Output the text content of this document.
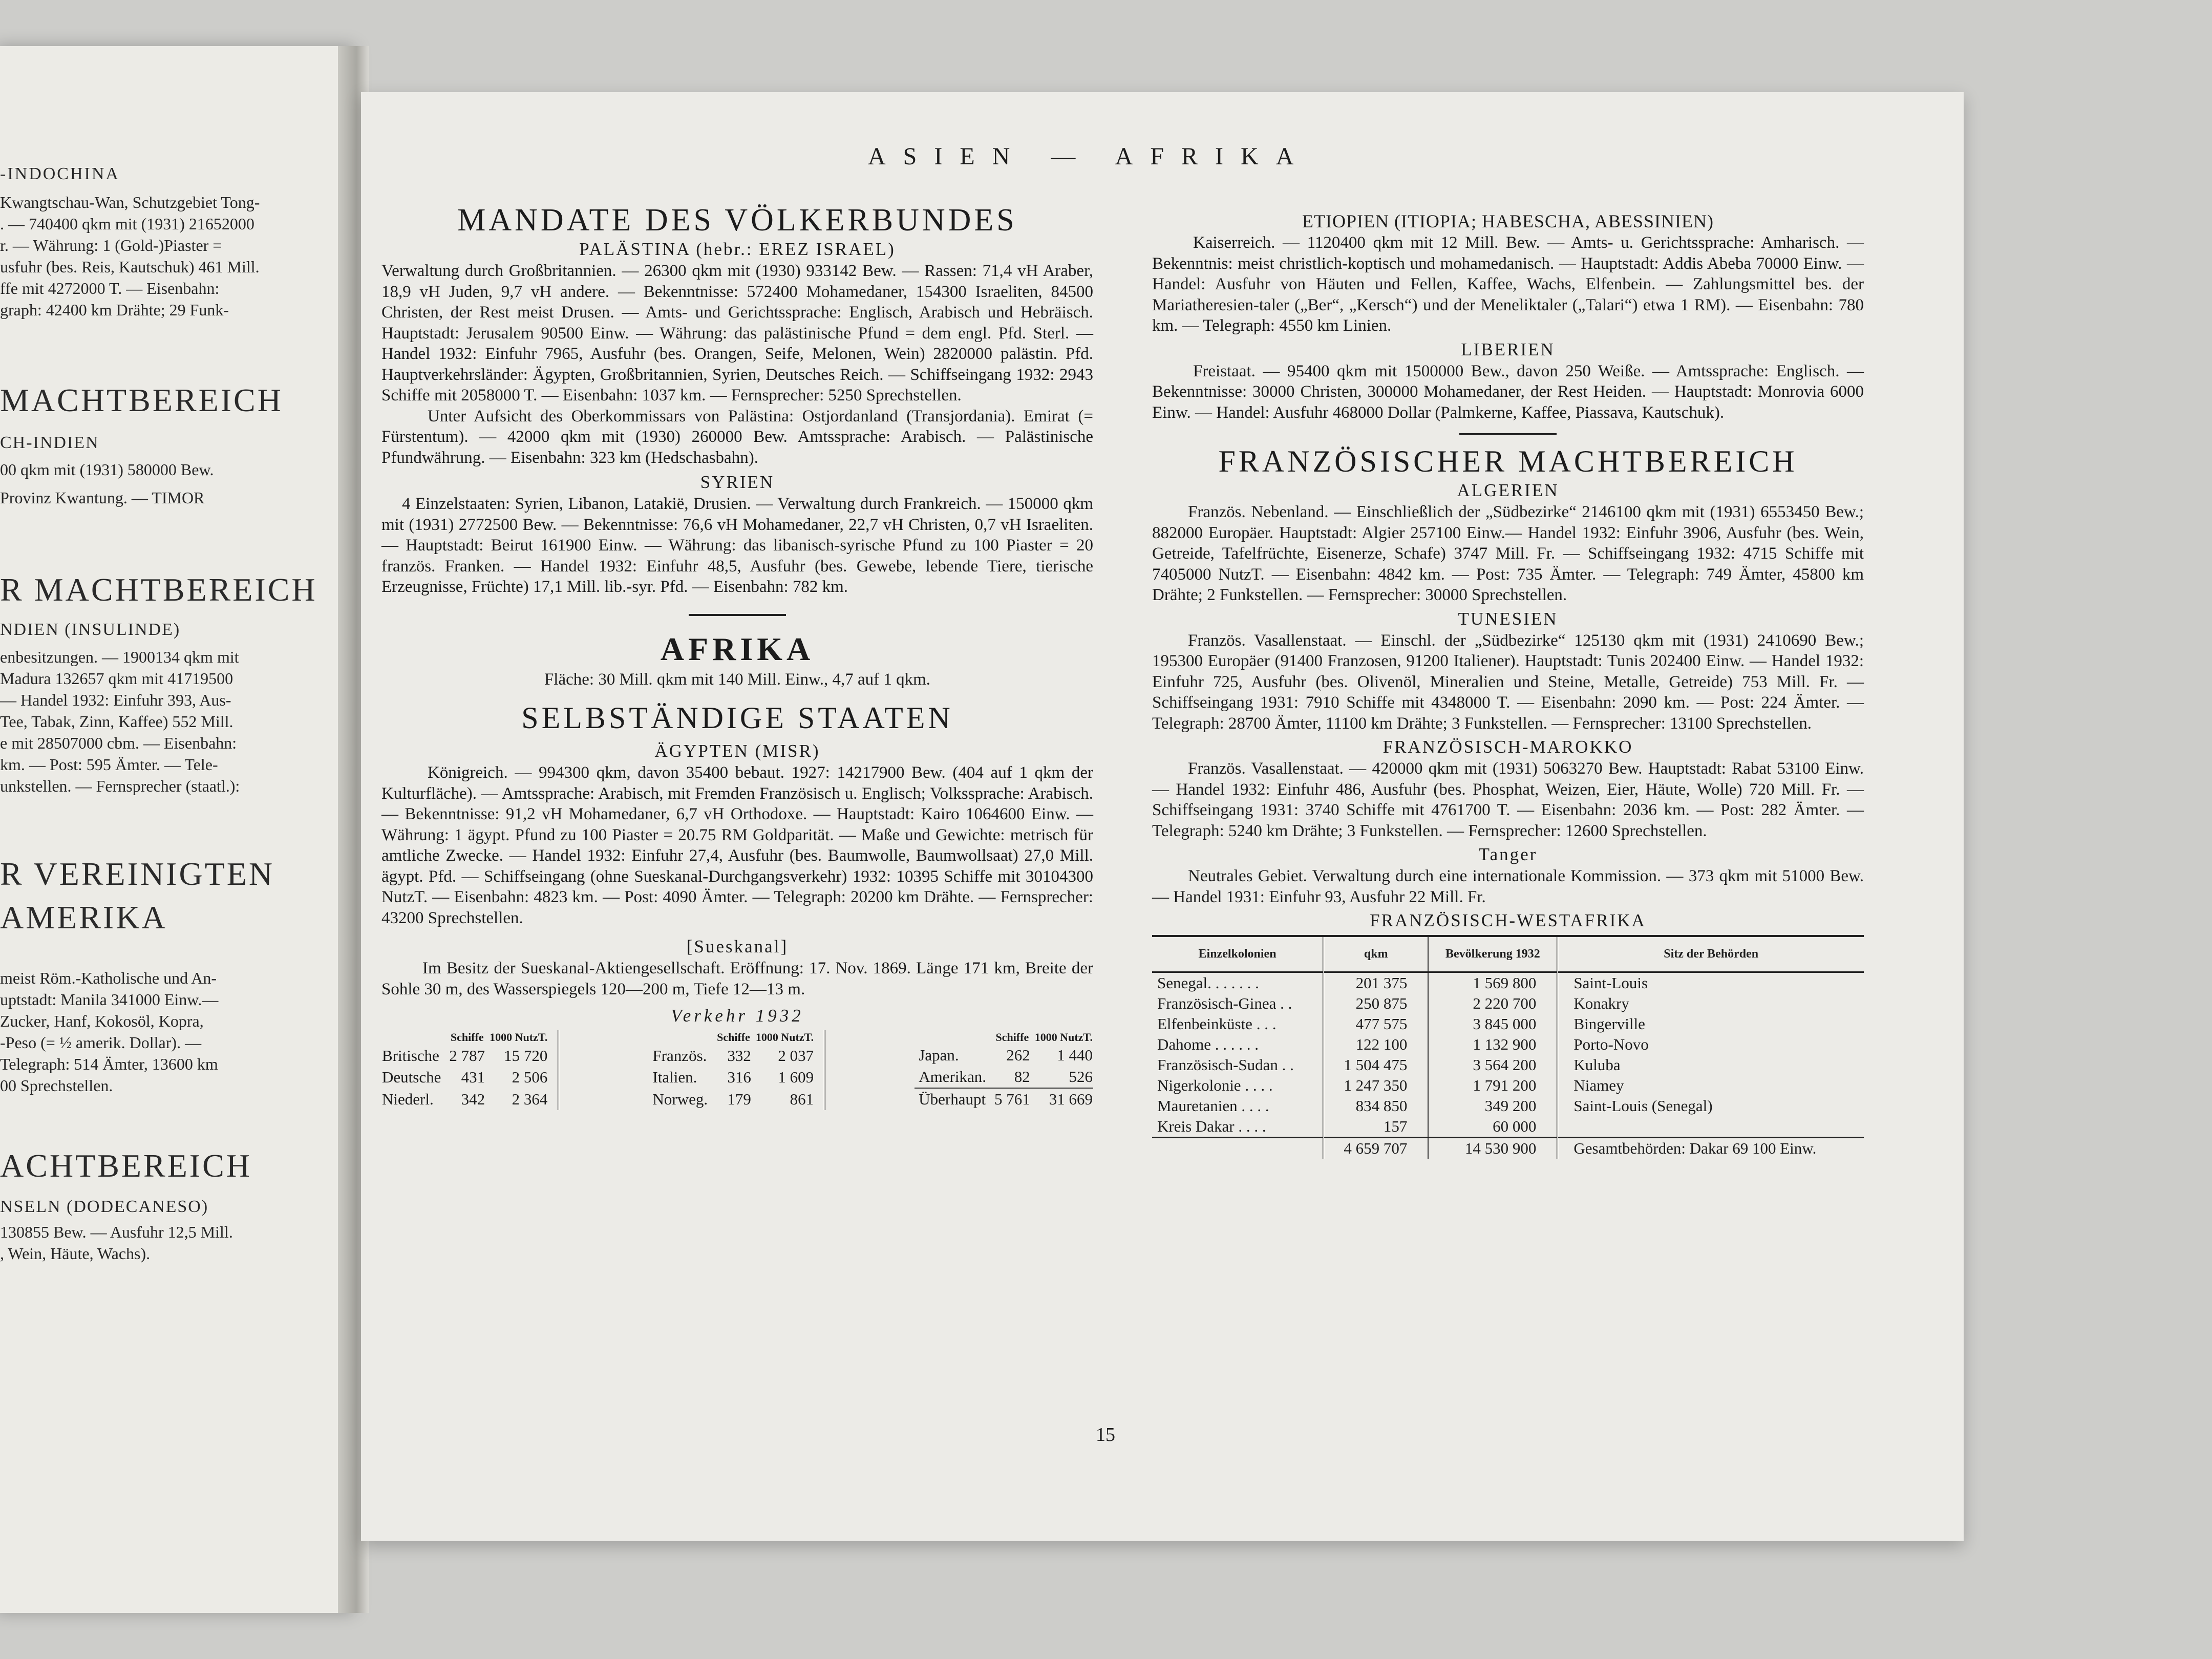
-INDOCHINA
Kwangtschau-Wan, Schutzgebiet Tong-
. — 740400 qkm mit (1931) 21652000
r. — Währung: 1 (Gold-)Piaster =
usfuhr (bes. Reis, Kautschuk) 461 Mill.
ffe mit 4272000 T. — Eisenbahn:
graph: 42400 km Drähte; 29 Funk-
MACHTBEREICH
CH-INDIEN
00 qkm mit (1931) 580000 Bew.
Provinz Kwantung. — TIMOR
R MACHTBEREICH
NDIEN (INSULINDE)
enbesitzungen. — 1900134 qkm mit
Madura 132657 qkm mit 41719500
— Handel 1932: Einfuhr 393, Aus-
Tee, Tabak, Zinn, Kaffee) 552 Mill.
e mit 28507000 cbm. — Eisenbahn:
km. — Post: 595 Ämter. — Tele-
unkstellen. — Fernsprecher (staatl.):
R VEREINIGTEN
AMERIKA
meist Röm.-Katholische und An-
uptstadt: Manila 341000 Einw.—
Zucker, Hanf, Kokosöl, Kopra,
-Peso (= ½ amerik. Dollar). —
Telegraph: 514 Ämter, 13600 km
00 Sprechstellen.
ACHTBEREICH
NSELN (DODECANESO)
130855 Bew. — Ausfuhr 12,5 Mill.
, Wein, Häute, Wachs).
ASIEN — AFRIKA
MANDATE DES VÖLKERBUNDES
PALÄSTINA (hebr.: EREZ ISRAEL)
Verwaltung durch Großbritannien. — 26300 qkm mit (1930) 933142 Bew. — Rassen: 71,4 vH Araber, 18,9 vH Juden, 9,7 vH andere. — Bekenntnisse: 572400 Mohamedaner, 154300 Israeliten, 84500 Christen, der Rest meist Drusen. — Amts- und Gerichtssprache: Englisch, Arabisch und Hebräisch. Hauptstadt: Jerusalem 90500 Einw. — Währung: das palästinische Pfund = dem engl. Pfd. Sterl. — Handel 1932: Einfuhr 7965, Ausfuhr (bes. Orangen, Seife, Melonen, Wein) 2820000 palästin. Pfd. Hauptverkehrsländer: Ägypten, Großbritannien, Syrien, Deutsches Reich. — Schiffseingang 1932: 2943 Schiffe mit 2058000 T. — Eisenbahn: 1037 km. — Fernsprecher: 5250 Sprechstellen.
Unter Aufsicht des Oberkommissars von Palästina: Ostjordanland (Transjordania). Emirat (= Fürstentum). — 42000 qkm mit (1930) 260000 Bew. Amtssprache: Arabisch. — Palästinische Pfundwährung. — Eisenbahn: 323 km (Hedschasbahn).
SYRIEN
4 Einzelstaaten: Syrien, Libanon, Latakië, Drusien. — Verwaltung durch Frankreich. — 150000 qkm mit (1931) 2772500 Bew. — Bekenntnisse: 76,6 vH Mohamedaner, 22,7 vH Christen, 0,7 vH Israeliten. — Hauptstadt: Beirut 161900 Einw. — Währung: das libanisch-syrische Pfund zu 100 Piaster = 20 französ. Franken. — Handel 1932: Einfuhr 48,5, Ausfuhr (bes. Gewebe, lebende Tiere, tierische Erzeugnisse, Früchte) 17,1 Mill. lib.-syr. Pfd. — Eisenbahn: 782 km.
AFRIKA
Fläche: 30 Mill. qkm mit 140 Mill. Einw., 4,7 auf 1 qkm.
SELBSTÄNDIGE STAATEN
ÄGYPTEN (MISR)
Königreich. — 994300 qkm, davon 35400 bebaut. 1927: 14217900 Bew. (404 auf 1 qkm der Kulturfläche). — Amtssprache: Arabisch, mit Fremden Französisch u. Englisch; Volkssprache: Arabisch. — Bekenntnisse: 91,2 vH Mohamedaner, 6,7 vH Orthodoxe. — Hauptstadt: Kairo 1064600 Einw. — Währung: 1 ägypt. Pfund zu 100 Piaster = 20.75 RM Goldparität. — Maße und Gewichte: metrisch für amtliche Zwecke. — Handel 1932: Einfuhr 27,4, Ausfuhr (bes. Baumwolle, Baumwollsaat) 27,0 Mill. ägypt. Pfd. — Schiffseingang (ohne Sueskanal-Durchgangsverkehr) 1932: 10395 Schiffe mit 30104300 NutzT. — Eisenbahn: 4823 km. — Post: 4090 Ämter. — Telegraph: 20200 km Drähte. — Fernsprecher: 43200 Sprechstellen.
[Sueskanal]
Im Besitz der Sueskanal-Aktiengesellschaft. Eröffnung: 17. Nov. 1869. Länge 171 km, Breite der Sohle 30 m, des Wasserspiegels 120—200 m, Tiefe 12—13 m.
Verkehr 1932
	Schiffe	1000 NutzT.
Britische	2 787	15 720
Deutsche	431	2 506
Niederl.	342	2 364
	Schiffe	1000 NutzT.
Französ.	332	2 037
Italien.	316	1 609
Norweg.	179	861
	Schiffe	1000 NutzT.
Japan.	262	1 440
Amerikan.	82	526
Überhaupt	5 761	31 669
ETIOPIEN (ITIOPIA; HABESCHA, ABESSINIEN)
Kaiserreich. — 1120400 qkm mit 12 Mill. Bew. — Amts- u. Gerichtssprache: Amharisch. — Bekenntnis: meist christlich-koptisch und mohamedanisch. — Hauptstadt: Addis Abeba 70000 Einw. — Handel: Ausfuhr von Häuten und Fellen, Kaffee, Wachs, Elfenbein. — Zahlungsmittel bes. der Mariatheresien-taler („Ber“, „Kersch“) und der Meneliktaler („Talari“) etwa 1 RM). — Eisenbahn: 780 km. — Telegraph: 4550 km Linien.
LIBERIEN
Freistaat. — 95400 qkm mit 1500000 Bew., davon 250 Weiße. — Amtssprache: Englisch. — Bekenntnisse: 30000 Christen, 300000 Mohamedaner, der Rest Heiden. — Hauptstadt: Monrovia 6000 Einw. — Handel: Ausfuhr 468000 Dollar (Palmkerne, Kaffee, Piassava, Kautschuk).
FRANZÖSISCHER MACHTBEREICH
ALGERIEN
Französ. Nebenland. — Einschließlich der „Südbezirke“ 2146100 qkm mit (1931) 6553450 Bew.; 882000 Europäer. Hauptstadt: Algier 257100 Einw.— Handel 1932: Einfuhr 3906, Ausfuhr (bes. Wein, Getreide, Tafelfrüchte, Eisenerze, Schafe) 3747 Mill. Fr. — Schiffseingang 1932: 4715 Schiffe mit 7405000 NutzT. — Eisenbahn: 4842 km. — Post: 735 Ämter. — Telegraph: 749 Ämter, 45800 km Drähte; 2 Funkstellen. — Fernsprecher: 30000 Sprechstellen.
TUNESIEN
Französ. Vasallenstaat. — Einschl. der „Südbezirke“ 125130 qkm mit (1931) 2410690 Bew.; 195300 Europäer (91400 Franzosen, 91200 Italiener). Hauptstadt: Tunis 202400 Einw. — Handel 1932: Einfuhr 725, Ausfuhr (bes. Olivenöl, Mineralien und Steine, Metalle, Getreide) 753 Mill. Fr. — Schiffseingang 1931: 7910 Schiffe mit 4348000 T. — Eisenbahn: 2090 km. — Post: 224 Ämter. — Telegraph: 28700 Ämter, 11100 km Drähte; 3 Funkstellen. — Fernsprecher: 13100 Sprechstellen.
FRANZÖSISCH-MAROKKO
Französ. Vasallenstaat. — 420000 qkm mit (1931) 5063270 Bew. Hauptstadt: Rabat 53100 Einw. — Handel 1932: Einfuhr 486, Ausfuhr (bes. Phosphat, Weizen, Eier, Häute, Wolle) 720 Mill. Fr. — Schiffseingang 1931: 3740 Schiffe mit 4761700 T. — Eisenbahn: 2036 km. — Post: 282 Ämter. — Telegraph: 5240 km Drähte; 3 Funkstellen. — Fernsprecher: 12600 Sprechstellen.
Tanger
Neutrales Gebiet. Verwaltung durch eine internationale Kommission. — 373 qkm mit 51000 Bew. — Handel 1931: Einfuhr 93, Ausfuhr 22 Mill. Fr.
FRANZÖSISCH-WESTAFRIKA
Einzelkolonien	qkm	Bevölkerung 1932	Sitz der Behörden
Senegal. . . . . . .	201 375	1 569 800	Saint-Louis
Französisch-Ginea . .	250 875	2 220 700	Konakry
Elfenbeinküste . . .	477 575	3 845 000	Bingerville
Dahome . . . . . .	122 100	1 132 900	Porto-Novo
Französisch-Sudan . .	1 504 475	3 564 200	Kuluba
Nigerkolonie . . . .	1 247 350	1 791 200	Niamey
Mauretanien . . . .	834 850	349 200	Saint-Louis (Senegal)
Kreis Dakar . . . .	157	60 000	
	4 659 707	14 530 900	Gesamtbehörden: Dakar 69 100 Einw.
15
